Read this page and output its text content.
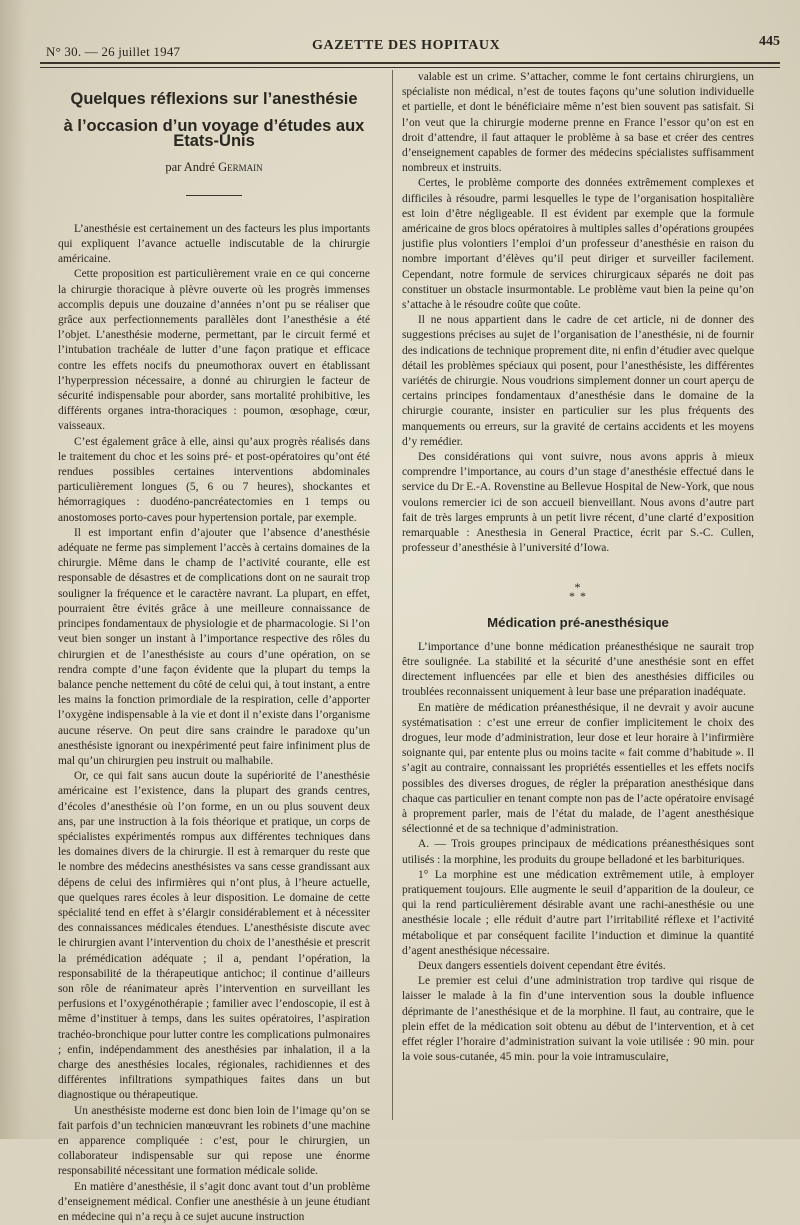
N° 30. — 26 juillet 1947	GAZETTE DES HOPITAUX	445
Quelques réflexions sur l’anesthésie
à l’occasion d’un voyage d’études aux Etats-Unis
par André Germain

L’anesthésie est certainement un des facteurs les plus importants qui expliquent l’avance actuelle indiscutable de la chirurgie américaine.

Cette proposition est particulièrement vraie en ce qui concerne la chirurgie thoracique à plèvre ouverte où les progrès immenses accomplis depuis une douzaine d’années n’ont pu se réaliser que grâce aux perfectionnements parallèles dont l’anesthésie a été l’objet. L’anesthésie moderne, permettant, par le circuit fermé et l’intubation trachéale de lutter d’une façon pratique et efficace contre les effets nocifs du pneumothorax ouvert en établissant l’hyperpression nécessaire, a donné au chirurgien le facteur de sécurité indispensable pour aborder, sans mortalité prohibitive, les différents organes intra-thoraciques : poumon, œsophage, cœur, vaisseaux.

C’est également grâce à elle, ainsi qu’aux progrès réalisés dans le traitement du choc et les soins pré- et post-opératoires qu’ont été rendues possibles certaines interventions abdominales particulièrement longues (5, 6 ou 7 heures), shockantes et hémorragiques : duodéno-pancréatectomies en 1 temps ou anostomoses porto-caves pour hypertension portale, par exemple.

Il est important enfin d’ajouter que l’absence d’anesthésie adéquate ne ferme pas simplement l’accès à certains domaines de la chirurgie. Même dans le champ de l’activité courante, elle est responsable de désastres et de complications dont on ne saurait trop souligner la fréquence et le caractère navrant. La plupart, en effet, pourraient être évités grâce à une meilleure connaissance de principes fondamentaux de physiologie et de pharmacologie. Si l’on veut bien songer un instant à l’importance respective des rôles du chirurgien et de l’anesthésiste au cours d’une opération, on se rendra compte d’une façon évidente que la plupart du temps la balance penche nettement du côté de celui qui, à tout instant, a entre les mains la fonction primordiale de la respiration, celle d’apporter l’oxygène indispensable à la vie et dont il n’existe dans l’organisme aucune réserve. On peut dire sans craindre le paradoxe qu’un anesthésiste ignorant ou inexpérimenté peut faire infiniment plus de mal qu’un chirurgien peu instruit ou malhabile.

Or, ce qui fait sans aucun doute la supériorité de l’anesthésie américaine est l’existence, dans la plupart des grands centres, d’écoles d’anesthésie où l’on forme, en un ou plus souvent deux ans, par une instruction à la fois théorique et pratique, un corps de spécialistes expérimentés rompus aux différentes techniques dans les domaines divers de la chirurgie. Il est à remarquer du reste que le nombre des médecins anesthésistes va sans cesse grandissant aux dépens de celui des infirmières qui n’ont plus, à l’heure actuelle, que quelques rares écoles à leur disposition. Le domaine de cette spécialité tend en effet à s’élargir considérablement et à nécessiter des connaissances médicales étendues. L’anesthésiste discute avec le chirurgien avant l’intervention du choix de l’anesthésie et prescrit la prémédication adéquate ; il a, pendant l’opération, la responsabilité de la thérapeutique antichoc; il continue d’ailleurs son rôle de réanimateur après l’intervention en surveillant les perfusions et l’oxygénothérapie ; familier avec l’endoscopie, il est à même d’instituer à temps, dans les suites opératoires, l’aspiration trachéo-bronchique pour lutter contre les complications pulmonaires ; enfin, indépendamment des anesthésies par inhalation, il a la charge des anesthésies locales, régionales, rachidiennes et des différentes infiltrations sympathiques faites dans un but diagnostique ou thérapeutique.

Un anesthésiste moderne est donc bien loin de l’image qu’on se fait parfois d’un technicien manœuvrant les robinets d’une machine en apparence compliquée : c’est, pour le chirurgien, un collaborateur indispensable sur qui repose une énorme responsabilité nécessitant une formation médicale solide.

En matière d’anesthésie, il s’agit donc avant tout d’un problème d’enseignement médical. Confier une anesthésie à un jeune étudiant en médecine qui n’a reçu à ce sujet aucune instruction

valable est un crime. S’attacher, comme le font certains chirurgiens, un spécialiste non médical, n’est de toutes façons qu’une solution individuelle et partielle, et dont le bénéficiaire même n’est bien souvent pas satisfait. Si l’on veut que la chirurgie moderne prenne en France l’essor qu’on est en droit d’attendre, il faut attaquer le problème à sa base et créer des centres d’enseignement capables de former des médecins spécialistes suffisamment nombreux et instruits.

Certes, le problème comporte des données extrêmement complexes et difficiles à résoudre, parmi lesquelles le type de l’organisation hospitalière est loin d’être négligeable. Il est évident par exemple que la formule américaine de gros blocs opératoires à multiples salles d’opérations groupées justifie plus volontiers l’emploi d’un professeur d’anesthésie en raison du nombre important d’élèves qu’il peut diriger et surveiller facilement. Cependant, notre formule de services chirurgicaux séparés ne doit pas constituer un obstacle insurmontable. Le problème vaut bien la peine qu’on s’attache à le résoudre coûte que coûte.

Il ne nous appartient dans le cadre de cet article, ni de donner des suggestions précises au sujet de l’organisation de l’anesthésie, ni de fournir des indications de technique proprement dite, ni enfin d’étudier avec quelque détail les problèmes spéciaux qui posent, pour l’anesthésiste, les différentes variétés de chirurgie. Nous voudrions simplement donner un court aperçu de certains principes fondamentaux d’anesthésie dans le domaine de la chirurgie courante, insister en particulier sur les plus fréquents des manquements ou erreurs, sur la gravité de certains accidents et les moyens d’y remédier.

Des considérations qui vont suivre, nous avons appris à mieux comprendre l’importance, au cours d’un stage d’anesthésie effectué dans le service du Dr E.-A. Rovenstine au Bellevue Hospital de New-York, que nous voulons remercier ici de son accueil bienveillant. Nous avons d’autre part fait de très larges emprunts à un petit livre récent, d’une clarté d’exposition remarquable : Anesthesia in General Practice, écrit par S.-C. Cullen, professeur d’anesthésie à l’université d’Iowa.

*
* *
Médication pré-anesthésique

L’importance d’une bonne médication préanesthésique ne saurait trop être soulignée. La stabilité et la sécurité d’une anesthésie sont en effet directement influencées par elle et bien des anesthésies difficiles ou troublées reconnaissent uniquement à leur base une préparation inadéquate.

En matière de médication préanesthésique, il ne devrait y avoir aucune systématisation : c’est une erreur de confier implicitement le choix des drogues, leur mode d’administration, leur dose et leur horaire à l’infirmière soignante qui, par entente plus ou moins tacite « fait comme d’habitude ». Il s’agit au contraire, connaissant les propriétés essentielles et les effets nocifs possibles des diverses drogues, de régler la préparation anesthésique dans chaque cas particulier en tenant compte non pas de l’acte opératoire envisagé à proprement parler, mais de l’état du malade, de l’agent anesthésique sélectionné et de sa technique d’administration.

A. — Trois groupes principaux de médications préanesthésiques sont utilisés : la morphine, les produits du groupe belladoné et les barbituriques.

1° La morphine est une médication extrêmement utile, à employer pratiquement toujours. Elle augmente le seuil d’apparition de la douleur, ce qui la rend particulièrement désirable avant une rachi-anesthésie ou une anesthésie locale ; elle réduit d’autre part l’irritabilité réflexe et l’activité métabolique et par conséquent facilite l’induction et diminue la quantité d’agent anesthésique nécessaire.

Deux dangers essentiels doivent cependant être évités.

Le premier est celui d’une administration trop tardive qui risque de laisser le malade à la fin d’une intervention sous la double influence déprimante de l’anesthésique et de la morphine. Il faut, au contraire, que le plein effet de la médication soit obtenu au début de l’intervention, et à cet effet régler l’horaire d’administration suivant la voie utilisée : 90 min. pour la voie sous-cutanée, 45 min. pour la voie intramusculaire,
